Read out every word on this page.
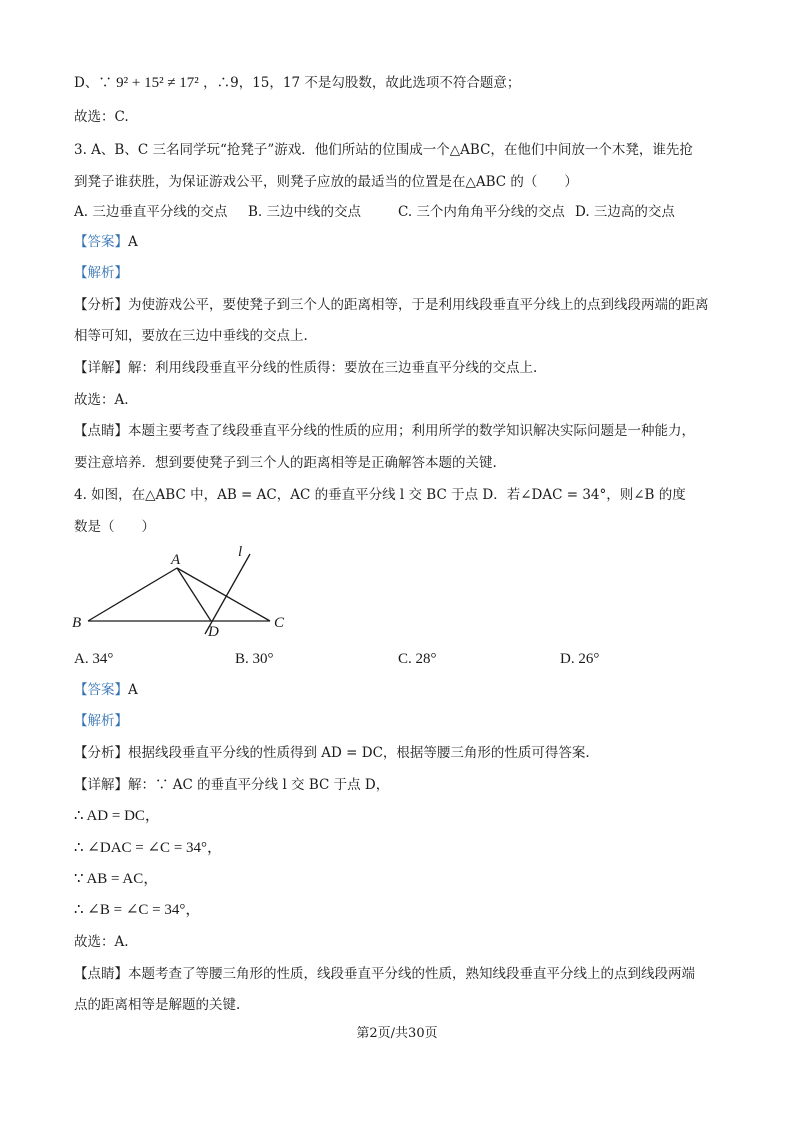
D、∵ 9² + 15² ≠ 17² ，∴9，15，17 不是勾股数，故此选项不符合题意；
故选：C.
3. A、B、C 三名同学玩“抢凳子”游戏．他们所站的位围成一个△ABC，在他们中间放一个木凳，谁先抢
到凳子谁获胜，为保证游戏公平，则凳子应放的最适当的位置是在△ABC 的（　　）
A. 三边垂直平分线的交点 B. 三边中线的交点	C. 三个内角角平分线的交点 D. 三边高的交点
【答案】A
【解析】
【分析】为使游戏公平，要使凳子到三个人的距离相等，于是利用线段垂直平分线上的点到线段两端的距离
相等可知，要放在三边中垂线的交点上.
【详解】解：利用线段垂直平分线的性质得：要放在三边垂直平分线的交点上.
故选：A.
【点睛】本题主要考查了线段垂直平分线的性质的应用；利用所学的数学知识解决实际问题是一种能力，
要注意培养．想到要使凳子到三个人的距离相等是正确解答本题的关键.
4. 如图，在△ABC 中，AB = AC，AC 的垂直平分线 l 交 BC 于点 D．若∠DAC = 34°，则∠B 的度
数是（　　）
A
B	C
D
l
A. 34°	B. 30°	C. 28°	D. 26°
【答案】A
【解析】
【分析】根据线段垂直平分线的性质得到 AD = DC，根据等腰三角形的性质可得答案.
【详解】解：∵ AC 的垂直平分线 l 交 BC 于点 D，
∴ AD = DC，
∴ ∠DAC = ∠C = 34°，
∵ AB = AC，
∴ ∠B = ∠C = 34°，
故选：A.
【点睛】本题考查了等腰三角形的性质，线段垂直平分线的性质，熟知线段垂直平分线上的点到线段两端
点的距离相等是解题的关键.
第2页/共30页
